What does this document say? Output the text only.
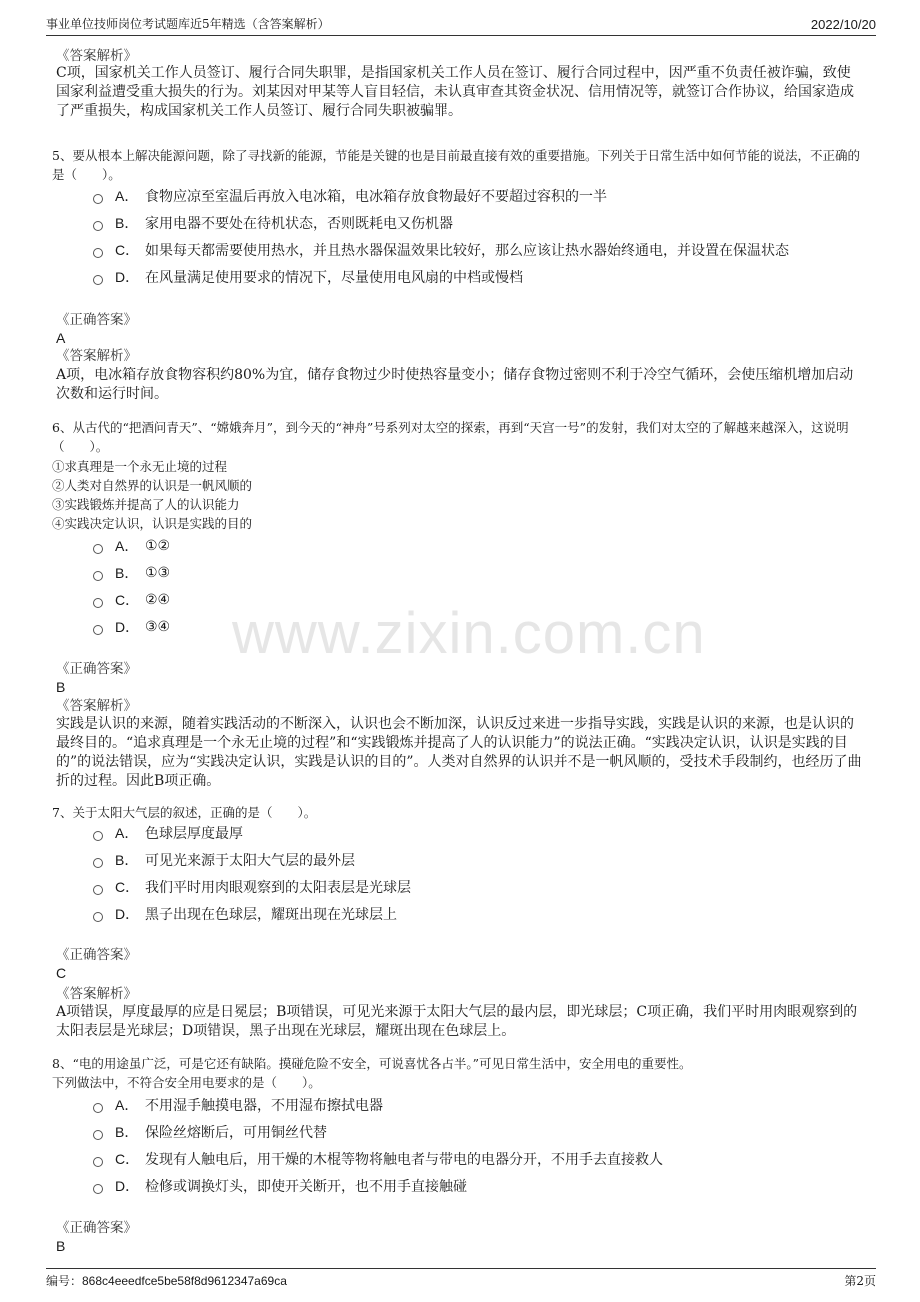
事业单位技师岗位考试题库近5年精选（含答案解析）	2022/10/20
www.zixin.com.cn
《答案解析》
C项，国家机关工作人员签订、履行合同失职罪，是指国家机关工作人员在签订、履行合同过程中，因严重不负责任被诈骗，致使国家利益遭受重大损失的行为。刘某因对甲某等人盲目轻信，未认真审查其资金状况、信用情况等，就签订合作协议，给国家造成了严重损失，构成国家机关工作人员签订、履行合同失职被骗罪。
5、要从根本上解决能源问题，除了寻找新的能源，节能是关键的也是目前最直接有效的重要措施。下列关于日常生活中如何节能的说法，不正确的是（　　）。
A． 食物应凉至室温后再放入电冰箱，电冰箱存放食物最好不要超过容积的一半
B． 家用电器不要处在待机状态，否则既耗电又伤机器
C． 如果每天都需要使用热水，并且热水器保温效果比较好，那么应该让热水器始终通电，并设置在保温状态
D． 在风量满足使用要求的情况下，尽量使用电风扇的中档或慢档
《正确答案》
A
《答案解析》
A项，电冰箱存放食物容积约80%为宜，储存食物过少时使热容量变小；储存食物过密则不利于冷空气循环，会使压缩机增加启动次数和运行时间。
6、从古代的“把酒问青天”、“嫦娥奔月”，到今天的“神舟”号系列对太空的探索，再到“天宫一号”的发射，我们对太空的了解越来越深入，这说明（　　）。
①求真理是一个永无止境的过程
②人类对自然界的认识是一帆风顺的
③实践锻炼并提高了人的认识能力
④实践决定认识，认识是实践的目的
A． ①②
B． ①③
C． ②④
D． ③④
《正确答案》
B
《答案解析》
实践是认识的来源，随着实践活动的不断深入，认识也会不断加深，认识反过来进一步指导实践，实践是认识的来源，也是认识的最终目的。“追求真理是一个永无止境的过程”和“实践锻炼并提高了人的认识能力”的说法正确。“实践决定认识，认识是实践的目的”的说法错误，应为“实践决定认识，实践是认识的目的”。人类对自然界的认识并不是一帆风顺的，受技术手段制约，也经历了曲折的过程。因此B项正确。
7、关于太阳大气层的叙述，正确的是（　　）。
A． 色球层厚度最厚
B． 可见光来源于太阳大气层的最外层
C． 我们平时用肉眼观察到的太阳表层是光球层
D． 黑子出现在色球层，耀斑出现在光球层上
《正确答案》
C
《答案解析》
A项错误，厚度最厚的应是日冕层；B项错误，可见光来源于太阳大气层的最内层，即光球层；C项正确，我们平时用肉眼观察到的太阳表层是光球层；D项错误，黑子出现在光球层，耀斑出现在色球层上。
8、“电的用途虽广泛，可是它还有缺陷。摸碰危险不安全，可说喜忧各占半。”可见日常生活中，安全用电的重要性。
下列做法中，不符合安全用电要求的是（　　）。
A． 不用湿手触摸电器，不用湿布擦拭电器
B． 保险丝熔断后，可用铜丝代替
C． 发现有人触电后，用干燥的木棍等物将触电者与带电的电器分开，不用手去直接救人
D． 检修或调换灯头，即使开关断开，也不用手直接触碰
《正确答案》
B
编号：868c4eeedfce5be58f8d9612347a69ca	第2页
